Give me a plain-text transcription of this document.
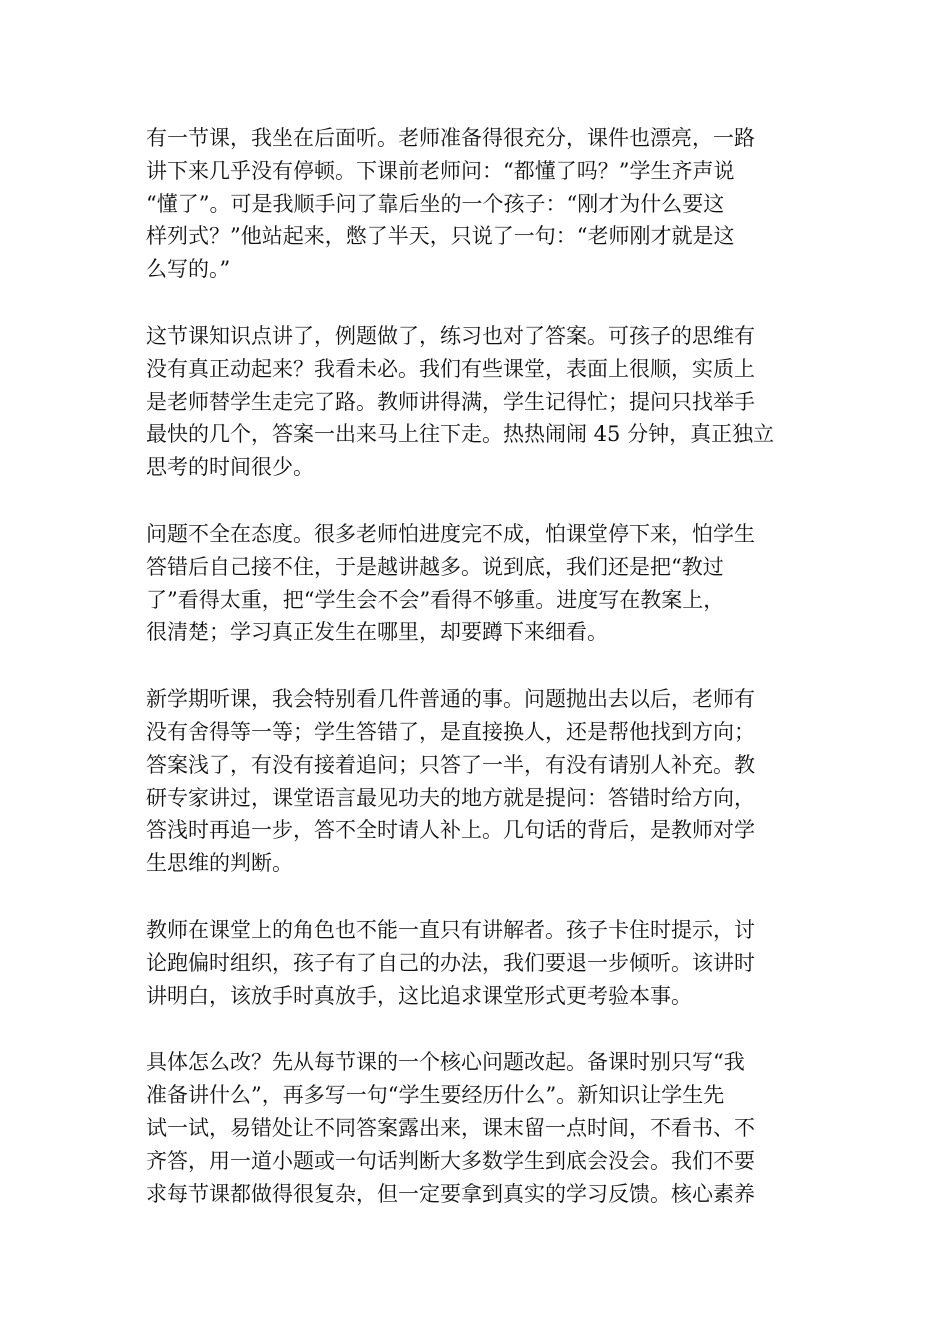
有一节课，我坐在后面听。老师准备得很充分，课件也漂亮，一路
讲下来几乎没有停顿。下课前老师问：“都懂了吗？”学生齐声说
“懂了”。可是我顺手问了靠后坐的一个孩子：“刚才为什么要这
样列式？”他站起来，憋了半天，只说了一句：“老师刚才就是这
么写的。”

这节课知识点讲了，例题做了，练习也对了答案。可孩子的思维有
没有真正动起来？我看未必。我们有些课堂，表面上很顺，实质上
是老师替学生走完了路。教师讲得满，学生记得忙；提问只找举手
最快的几个，答案一出来马上往下走。热热闹闹 45 分钟，真正独立
思考的时间很少。

问题不全在态度。很多老师怕进度完不成，怕课堂停下来，怕学生
答错后自己接不住，于是越讲越多。说到底，我们还是把“教过
了”看得太重，把“学生会不会”看得不够重。进度写在教案上，
很清楚；学习真正发生在哪里，却要蹲下来细看。

新学期听课，我会特别看几件普通的事。问题抛出去以后，老师有
没有舍得等一等；学生答错了，是直接换人，还是帮他找到方向；
答案浅了，有没有接着追问；只答了一半，有没有请别人补充。教
研专家讲过，课堂语言最见功夫的地方就是提问：答错时给方向，
答浅时再追一步，答不全时请人补上。几句话的背后，是教师对学
生思维的判断。

教师在课堂上的角色也不能一直只有讲解者。孩子卡住时提示，讨
论跑偏时组织，孩子有了自己的办法，我们要退一步倾听。该讲时
讲明白，该放手时真放手，这比追求课堂形式更考验本事。

具体怎么改？先从每节课的一个核心问题改起。备课时别只写“我
准备讲什么”，再多写一句“学生要经历什么”。新知识让学生先
试一试，易错处让不同答案露出来，课末留一点时间，不看书、不
齐答，用一道小题或一句话判断大多数学生到底会没会。我们不要
求每节课都做得很复杂，但一定要拿到真实的学习反馈。核心素养
